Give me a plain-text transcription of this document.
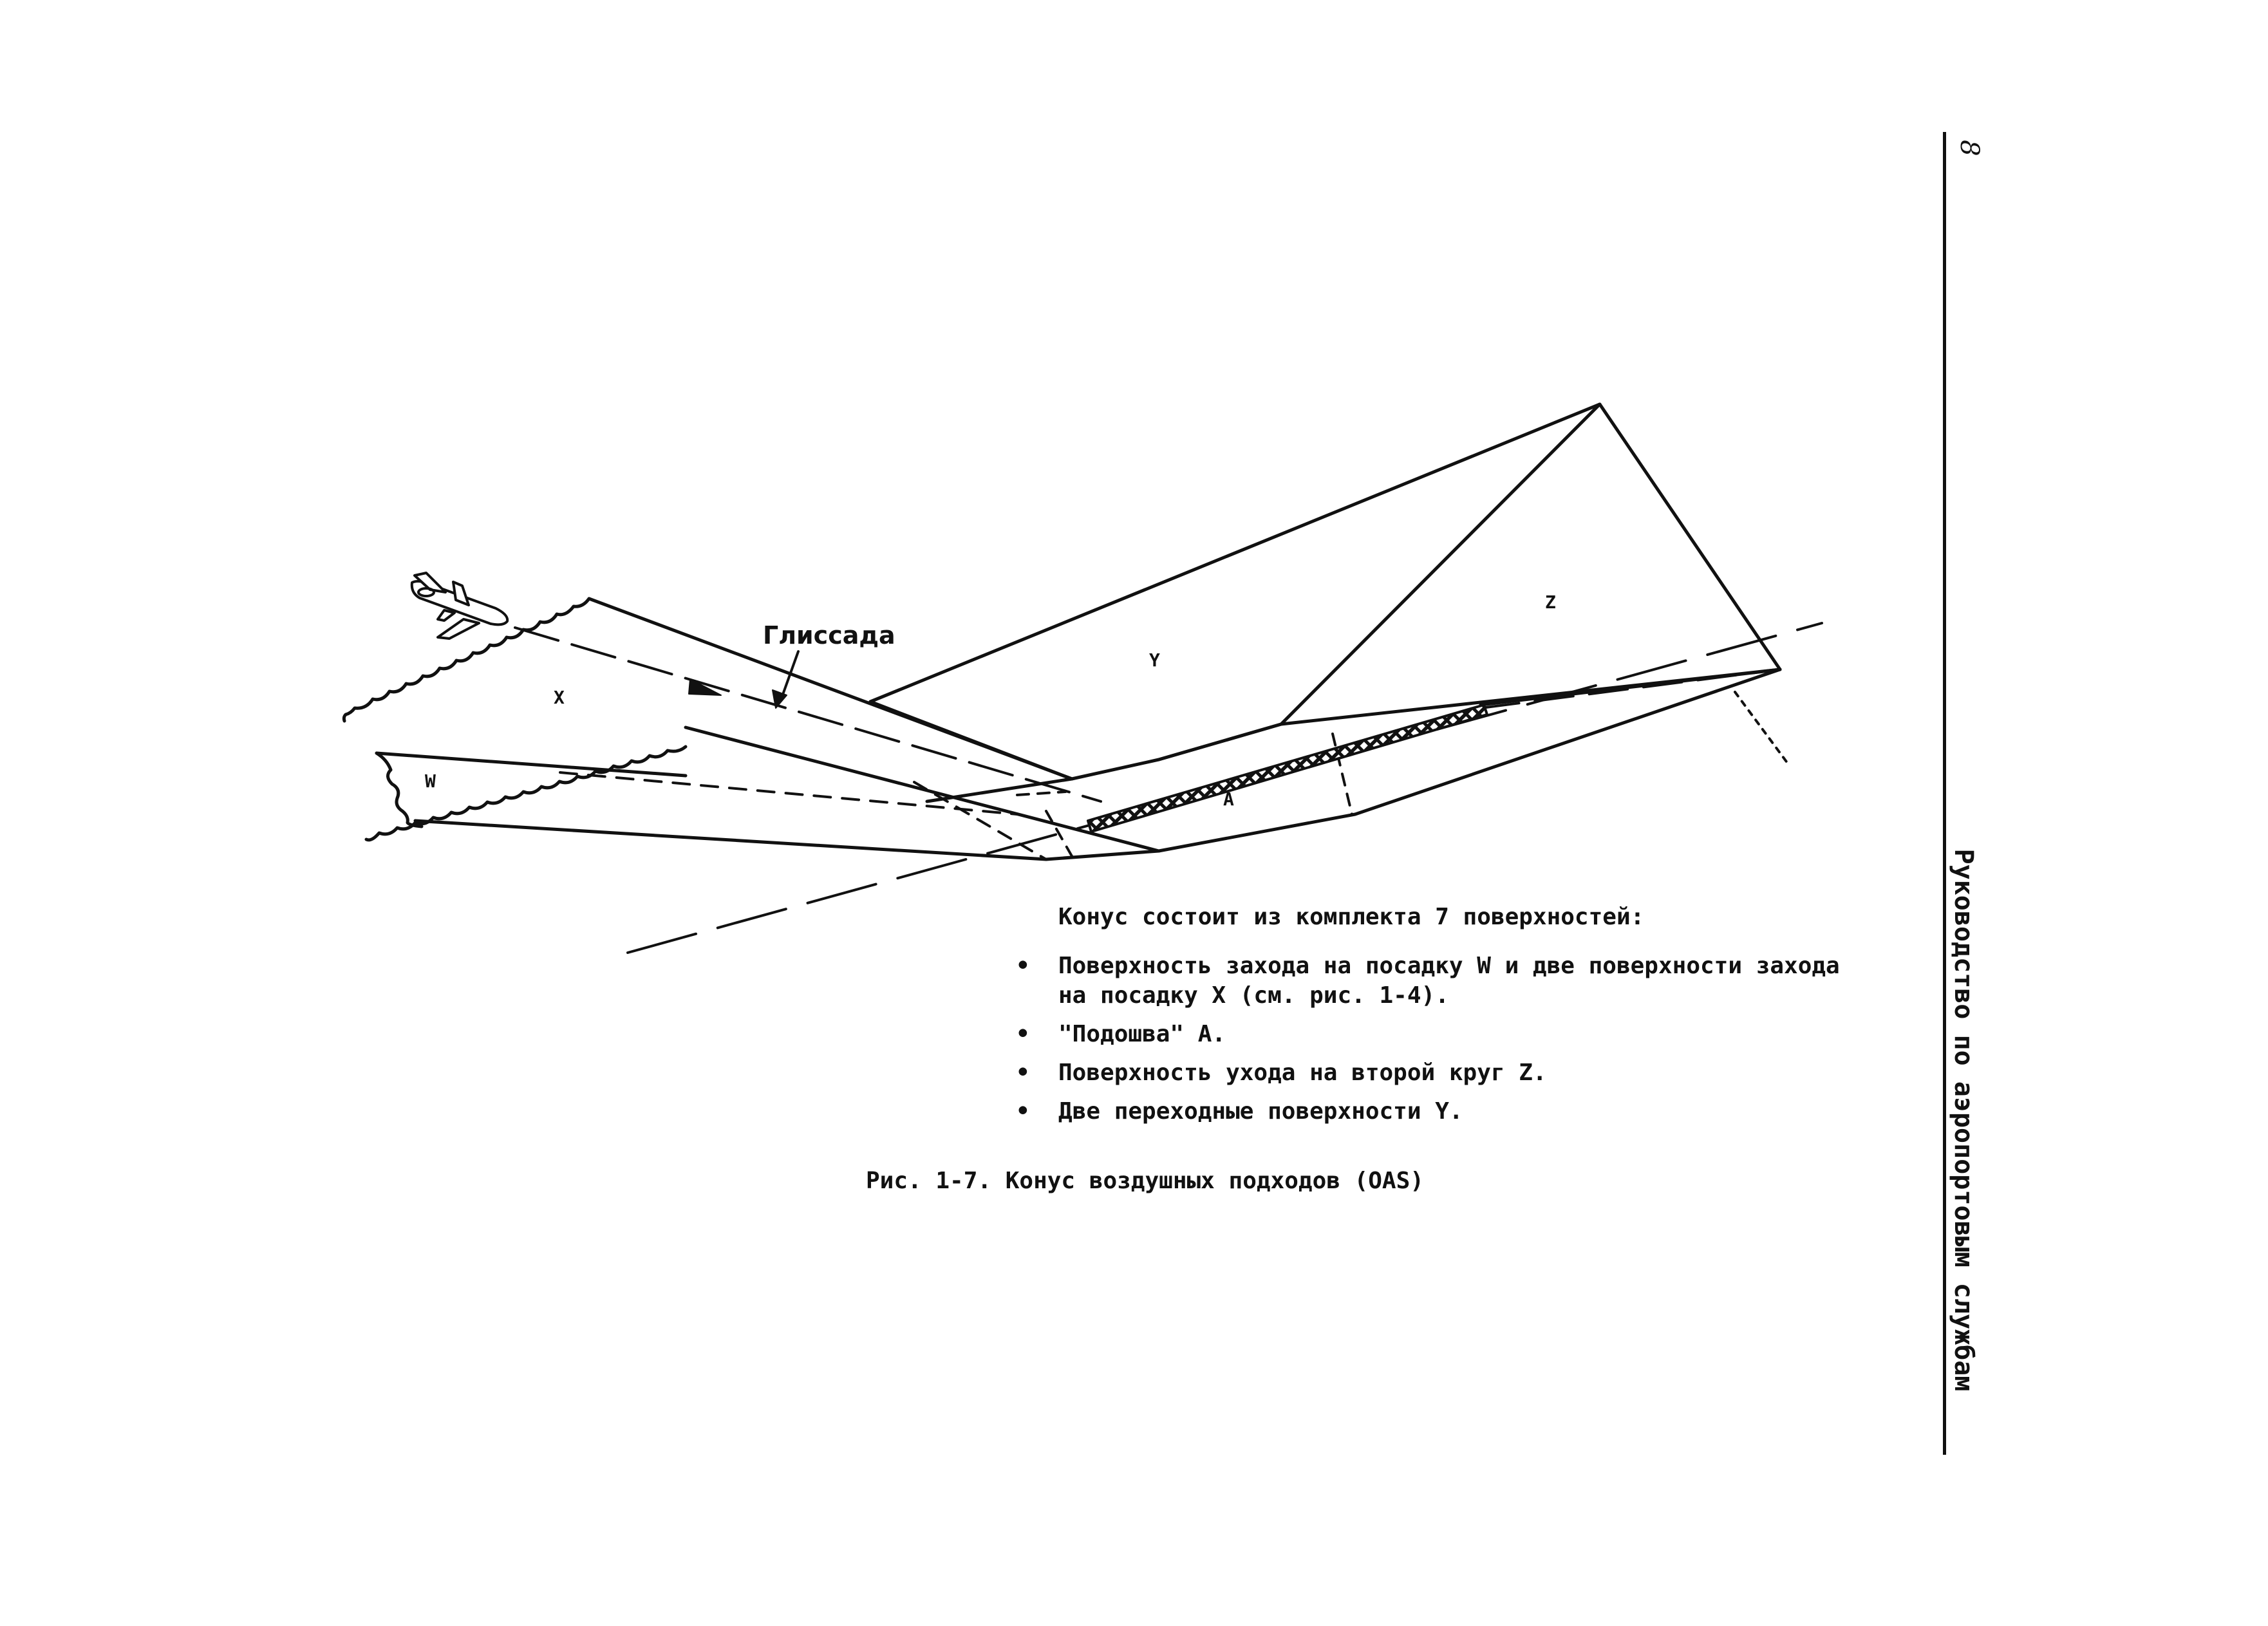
X
W
Y
Z
A
Глиссада
Конус состоит из комплекта 7 поверхностей:
• Поверхность захода на посадку W и две поверхности захода на посадку X (см. рис. 1-4).
• "Подошва" A.
• Поверхность ухода на второй круг Z.
• Две переходные поверхности Y.
Рис. 1-7. Конус воздушных подходов (OAS)
8
Руководство по аэропортовым службам
